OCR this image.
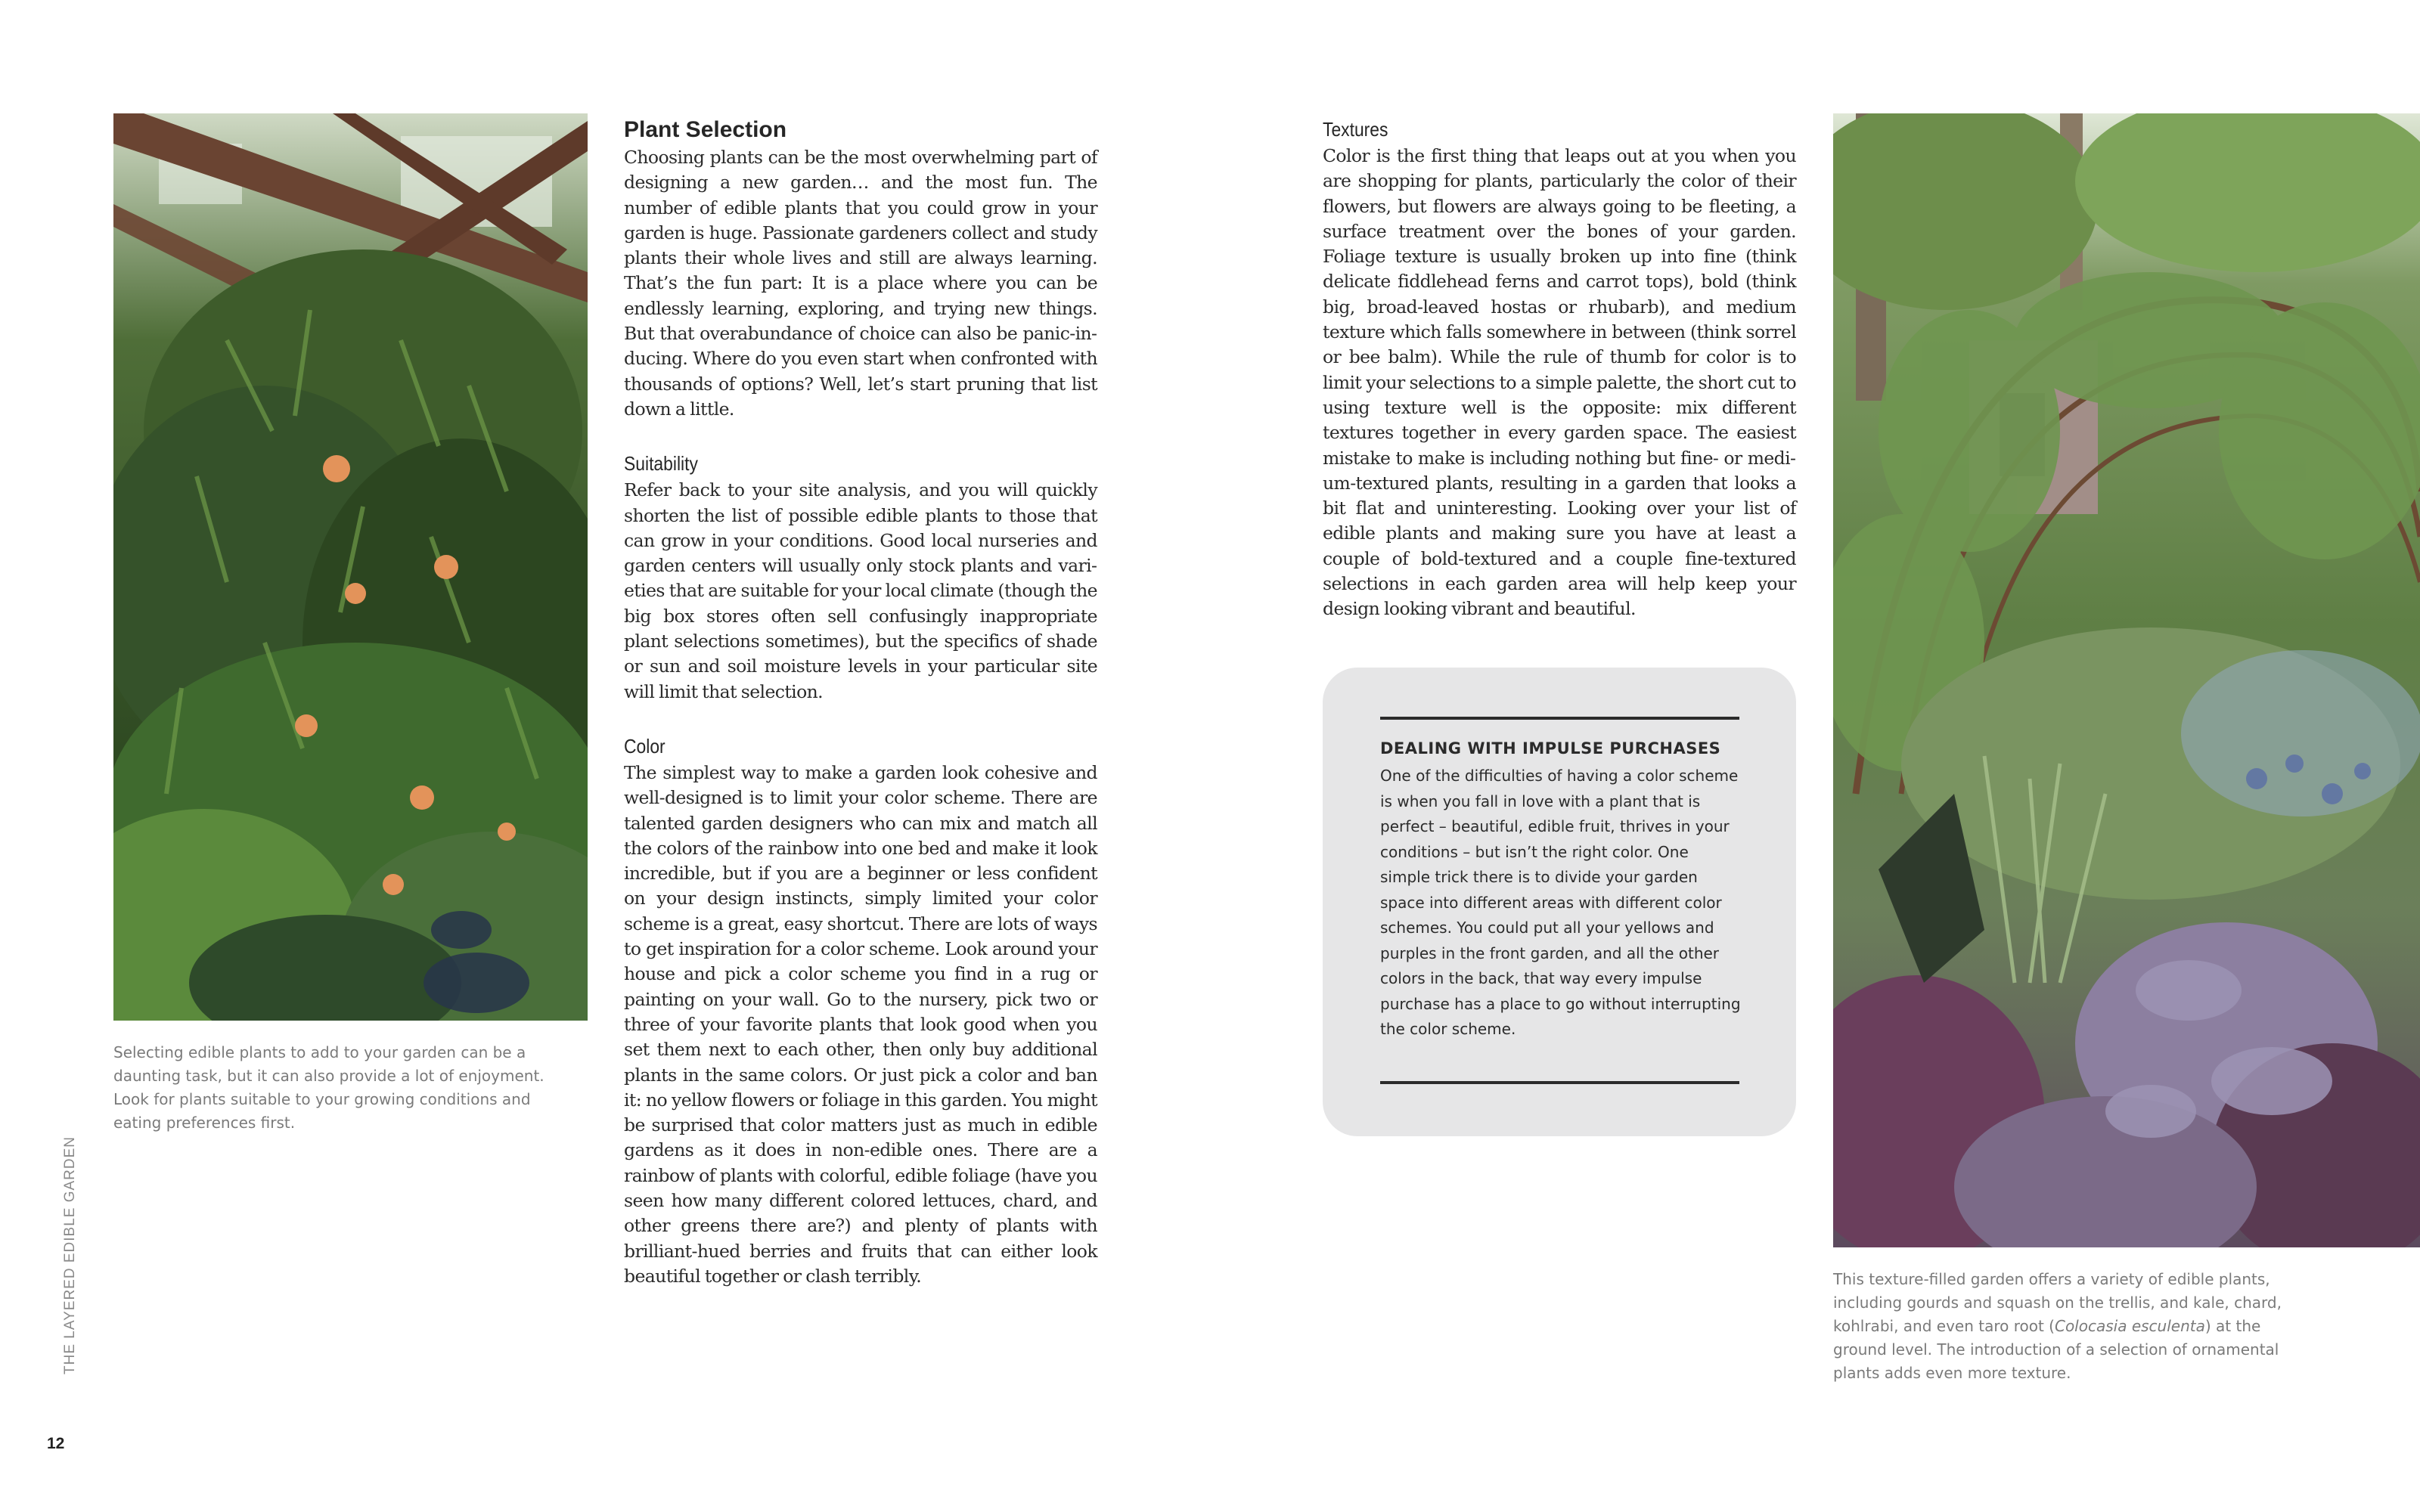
Selecting edible plants to add to your garden can be a daunting task, but it can also provide a lot of enjoyment. Look for plants suitable to your growing conditions and eating preferences first.
Plant Selection
Choosing plants can be the most overwhelming part of designing a new garden… and the most fun. The number of edible plants that you could grow in your garden is huge. Passionate gardeners collect and study plants their whole lives and still are always learning. That’s the fun part: It is a place where you can be endlessly learning, exploring, and trying new things. But that overabundance of choice can also be panic-inducing. Where do you even start when confronted with thousands of options? Well, let’s start pruning that list down a little.
Suitability
Refer back to your site analysis, and you will quickly shorten the list of possible edible plants to those that can grow in your conditions. Good local nurseries and garden centers will usually only stock plants and varieties that are suitable for your local climate (though the big box stores often sell confusingly inappropriate plant selections sometimes), but the specifics of shade or sun and soil moisture levels in your particular site will limit that selection.
Color
The simplest way to make a garden look cohesive and well-designed is to limit your color scheme. There are talented garden designers who can mix and match all the colors of the rainbow into one bed and make it look incredible, but if you are a beginner or less confident on your design instincts, simply limited your color scheme is a great, easy shortcut. There are lots of ways to get inspiration for a color scheme. Look around your house and pick a color scheme you find in a rug or painting on your wall. Go to the nursery, pick two or three of your favorite plants that look good when you set them next to each other, then only buy additional plants in the same colors. Or just pick a color and ban it: no yellow flowers or foliage in this garden. You might be surprised that color matters just as much in edible gardens as it does in non-edible ones. There are a rainbow of plants with colorful, edible foliage (have you seen how many different colored lettuces, chard, and other greens there are?) and plenty of plants with brilliant-hued berries and fruits that can either look beautiful together or clash terribly.
Textures
Color is the first thing that leaps out at you when you are shopping for plants, particularly the color of their flowers, but flowers are always going to be fleeting, a surface treatment over the bones of your garden. Foliage texture is usually broken up into fine (think delicate fiddlehead ferns and carrot tops), bold (think big, broad-leaved hostas or rhubarb), and medium texture which falls somewhere in between (think sorrel or bee balm). While the rule of thumb for color is to limit your selections to a simple palette, the short cut to using texture well is the opposite: mix different textures together in every garden space. The easiest mistake to make is including nothing but fine- or medium-textured plants, resulting in a garden that looks a bit flat and uninteresting. Looking over your list of edible plants and making sure you have at least a couple of bold-textured and a couple fine-textured selections in each garden area will help keep your design looking vibrant and beautiful.
DEALING WITH IMPULSE PURCHASES
One of the difficulties of having a color scheme is when you fall in love with a plant that is perfect – beautiful, edible fruit, thrives in your conditions – but isn’t the right color. One simple trick there is to divide your garden space into different areas with different color schemes. You could put all your yellows and purples in the front garden, and all the other colors in the back, that way every impulse purchase has a place to go without interrupting the color scheme.
This texture-filled garden offers a variety of edible plants, including gourds and squash on the trellis, and kale, chard, kohlrabi, and even taro root (Colocasia esculenta) at the ground level. The introduction of a selection of ornamental plants adds even more texture.
THE LAYERED EDIBLE GARDEN
12
